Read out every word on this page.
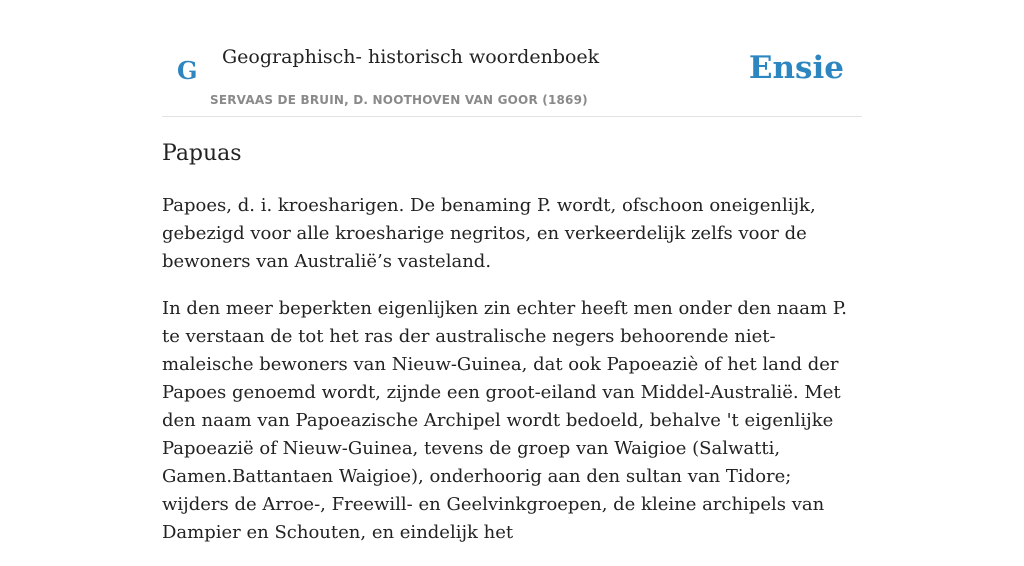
G Geographisch- historisch woordenboek
SERVAAS DE BRUIN, D. NOOTHOVEN VAN GOOR (1869)
Ensie
Papuas

Papoes, d. i. kroesharigen. De benaming P. wordt, ofschoon oneigenlijk, gebezigd voor alle kroesharige negritos, en verkeerdelijk zelfs voor de bewoners van Australië’s vasteland.

In den meer beperkten eigenlijken zin echter heeft men onder den naam P. te verstaan de tot het ras der australische negers behoorende niet-maleische bewoners van Nieuw-Guinea, dat ook Papoeaziè of het land der Papoes genoemd wordt, zijnde een groot-eiland van Middel-Australië. Met den naam van Papoeazische Archipel wordt bedoeld, behalve 't eigenlijke Papoeazië of Nieuw-Guinea, tevens de groep van Waigioe (Salwatti, Gamen.Battantaen Waigioe), onderhoorig aan den sultan van Tidore; wijders de Arroe-, Freewill- en Geelvinkgroepen, de kleine archipels van Dampier en Schouten, en eindelijk het
